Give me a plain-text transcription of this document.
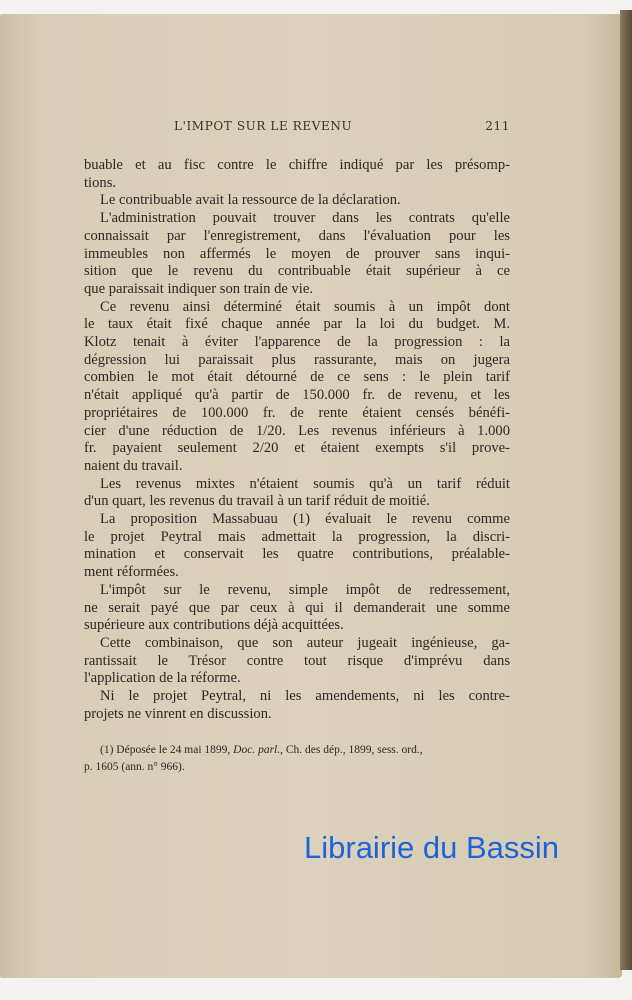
L'IMPOT SUR LE REVENU	211
buable et au fisc contre le chiffre indiqué par les présomp-
tions.
Le contribuable avait la ressource de la déclaration.
L'administration pouvait trouver dans les contrats qu'elle
connaissait par l'enregistrement, dans l'évaluation pour les
immeubles non affermés le moyen de prouver sans inqui-
sition que le revenu du contribuable était supérieur à ce
que paraissait indiquer son train de vie.
Ce revenu ainsi déterminé était soumis à un impôt dont
le taux était fixé chaque année par la loi du budget. M.
Klotz tenait à éviter l'apparence de la progression : la
dégression lui paraissait plus rassurante, mais on jugera
combien le mot était détourné de ce sens : le plein tarif
n'était appliqué qu'à partir de 150.000 fr. de revenu, et les
propriétaires de 100.000 fr. de rente étaient censés bénéfi-
cier d'une réduction de 1/20. Les revenus inférieurs à 1.000
fr. payaient seulement 2/20 et étaient exempts s'il prove-
naient du travail.
Les revenus mixtes n'étaient soumis qu'à un tarif réduit
d'un quart, les revenus du travail à un tarif réduit de moitié.
La proposition Massabuau (1) évaluait le revenu comme
le projet Peytral mais admettait la progression, la discri-
mination et conservait les quatre contributions, préalable-
ment réformées.
L'impôt sur le revenu, simple impôt de redressement,
ne serait payé que par ceux à qui il demanderait une somme
supérieure aux contributions déjà acquittées.
Cette combinaison, que son auteur jugeait ingénieuse, ga-
rantissait le Trésor contre tout risque d'imprévu dans
l'application de la réforme.
Ni le projet Peytral, ni les amendements, ni les contre-
projets ne vinrent en discussion.
(1) Déposée le 24 mai 1899, Doc. parl., Ch. des dép., 1899, sess. ord.,
p. 1605 (ann. n° 966).
Librairie du Bassin
